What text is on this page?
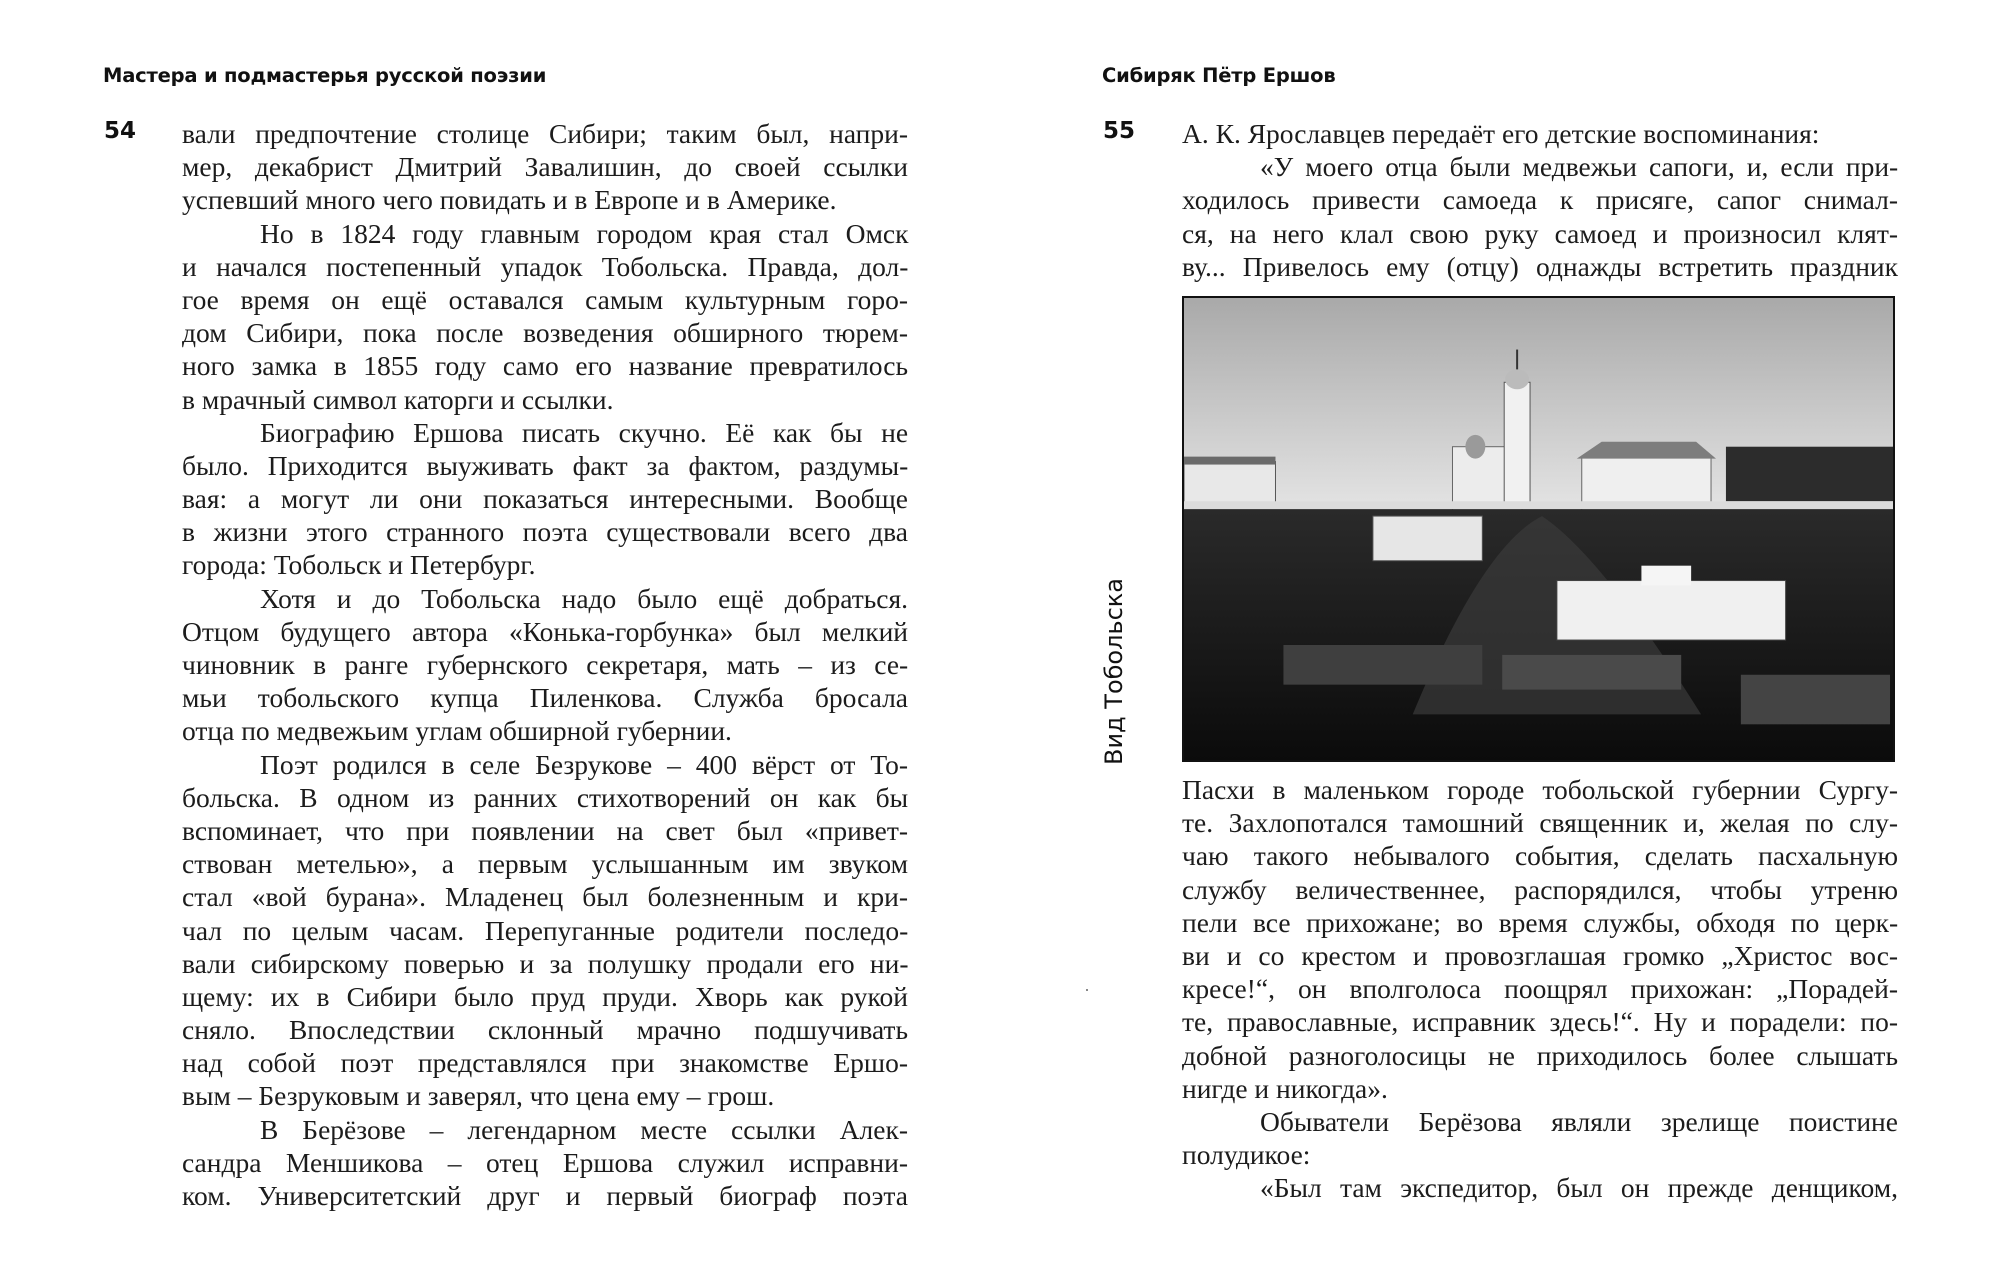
Мастера и подмастерья русской поэзии
54 вали предпочтение столице Сибири; таким был, напри-
мер, декабрист Дмитрий Завалишин, до своей ссылки
успевший много чего повидать и в Европе и в Америке.
Но в 1824 году главным городом края стал Омск
и начался постепенный упадок Тобольска. Правда, дол-
гое время он ещё оставался самым культурным горо-
дом Сибири, пока после возведения обширного тюрем-
ного замка в 1855 году само его название превратилось
в мрачный символ каторги и ссылки.
Биографию Ершова писать скучно. Её как бы не
было. Приходится выуживать факт за фактом, раздумы-
вая: а могут ли они показаться интересными. Вообще
в жизни этого странного поэта существовали всего два
города: Тобольск и Петербург.
Хотя и до Тобольска надо было ещё добраться.
Отцом будущего автора «Конька-горбунка» был мелкий
чиновник в ранге губернского секретаря, мать – из се-
мьи тобольского купца Пиленкова. Служба бросала
отца по медвежьим углам обширной губернии.
Поэт родился в селе Безрукове – 400 вёрст от То-
больска. В одном из ранних стихотворений он как бы
вспоминает, что при появлении на свет был «привет-
ствован метелью», а первым услышанным им звуком
стал «вой бурана». Младенец был болезненным и кри-
чал по целым часам. Перепуганные родители последо-
вали сибирскому поверью и за полушку продали его ни-
щему: их в Сибири было пруд пруди. Хворь как рукой
сняло. Впоследствии склонный мрачно подшучивать
над собой поэт представлялся при знакомстве Ершо-
вым – Безруковым и заверял, что цена ему – грош.
В Берёзове – легендарном месте ссылки Алек-
сандра Меншикова – отец Ершова служил исправни-
ком. Университетский друг и первый биограф поэта
Сибиряк Пётр Ершов
55 А. К. Ярославцев передаёт его детские воспоминания:
«У моего отца были медвежьи сапоги, и, если при-
ходилось привести самоеда к присяге, сапог снимал-
ся, на него клал свою руку самоед и произносил клят-
ву... Привелось ему (отцу) однажды встретить праздник
Вид Тобольска
Пасхи в маленьком городе тобольской губернии Сургу-
те. Захлопотался тамошний священник и, желая по слу-
чаю такого небывалого события, сделать пасхальную
службу величественнее, распорядился, чтобы утреню
пели все прихожане; во время службы, обходя по церк-
ви и со крестом и провозглашая громко „Христос вос-
кресе!“, он вполголоса поощрял прихожан: „Порадей-
те, православные, исправник здесь!“. Ну и порадели: по-
добной разноголосицы не приходилось более слышать
нигде и никогда».
Обыватели Берёзова являли зрелище поистине
полудикое:
«Был там экспедитор, был он прежде денщиком,
